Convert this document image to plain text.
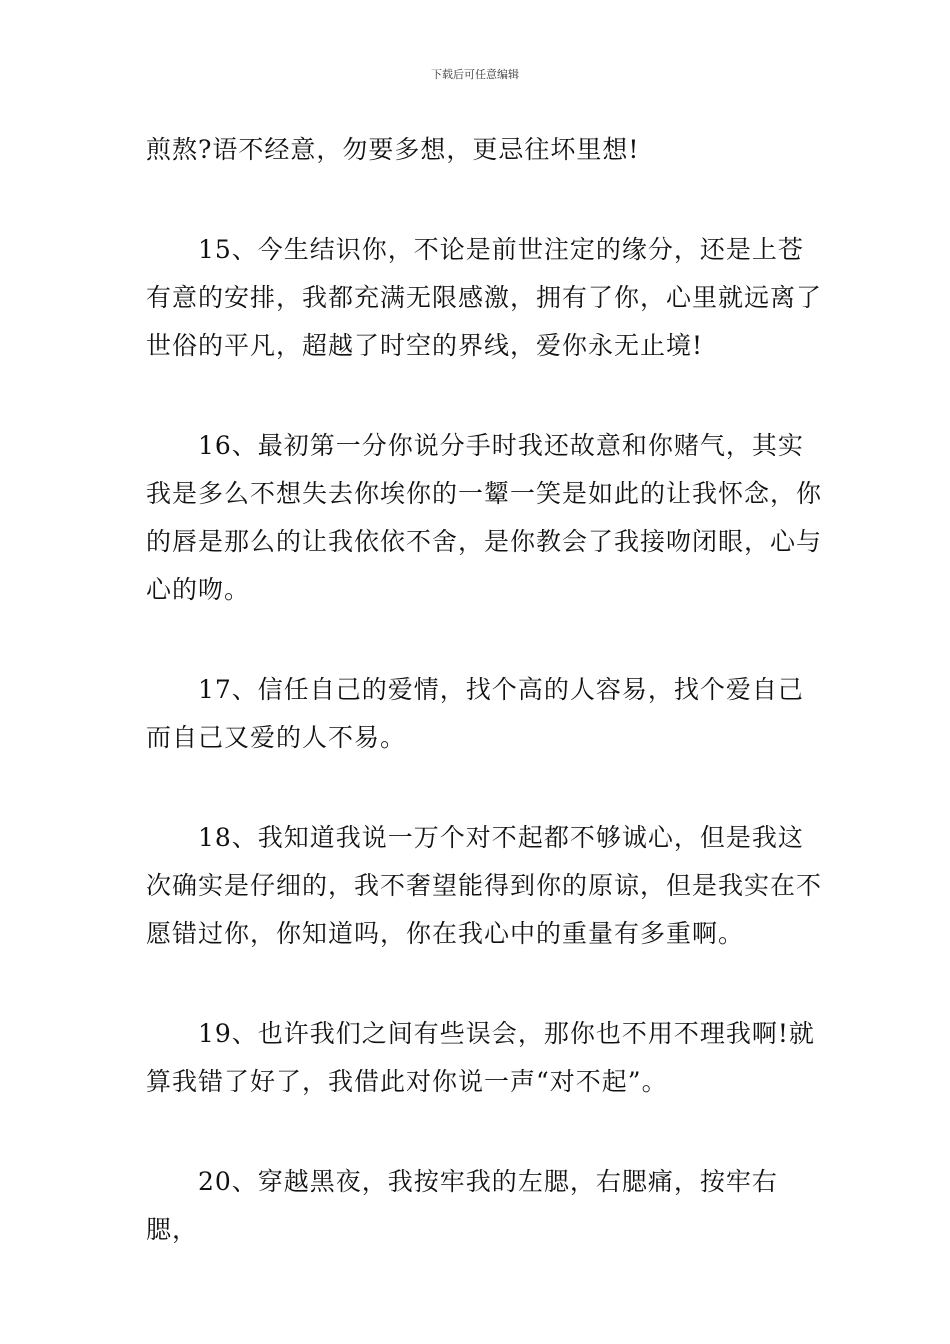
下载后可任意编辑

煎熬?语不经意，勿要多想，更忌往坏里想!

15、今生结识你，不论是前世注定的缘分，还是上苍有意的安排，我都充满无限感激，拥有了你，心里就远离了世俗的平凡，超越了时空的界线，爱你永无止境!

16、最初第一分你说分手时我还故意和你赌气，其实我是多么不想失去你埃你的一颦一笑是如此的让我怀念，你的唇是那么的让我依依不舍，是你教会了我接吻闭眼，心与心的吻。

17、信任自己的爱情，找个高的人容易，找个爱自己而自己又爱的人不易。

18、我知道我说一万个对不起都不够诚心，但是我这次确实是仔细的，我不奢望能得到你的原谅，但是我实在不愿错过你，你知道吗，你在我心中的重量有多重啊。

19、也许我们之间有些误会，那你也不用不理我啊!就算我错了好了，我借此对你说一声“对不起”。

20、穿越黑夜，我按牢我的左腮，右腮痛，按牢右腮，
